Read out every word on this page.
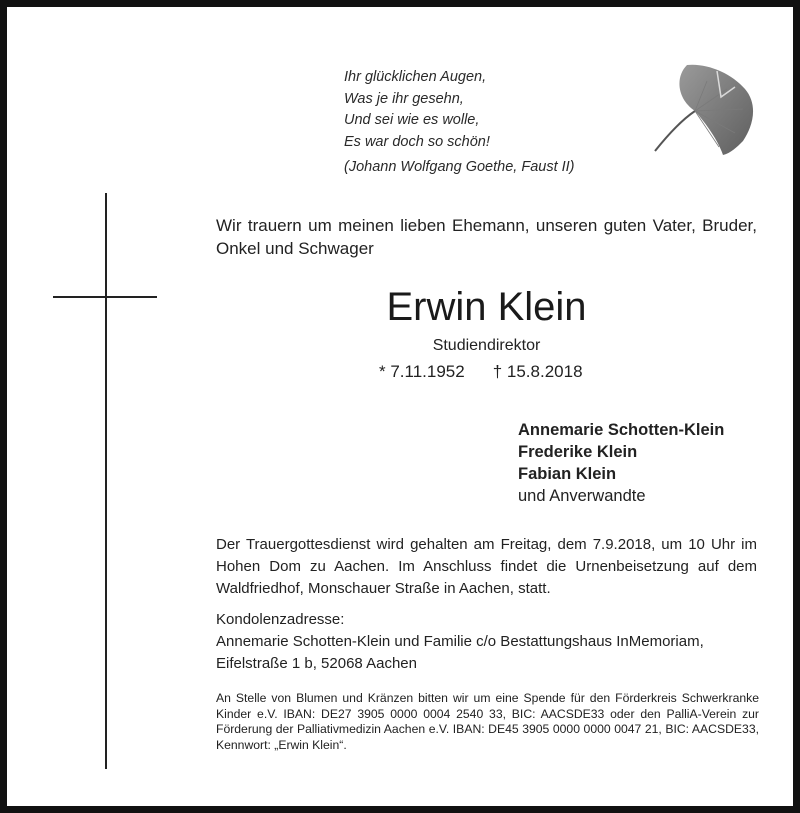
Ihr glücklichen Augen,
Was je ihr gesehn,
Und sei wie es wolle,
Es war doch so schön!
(Johann Wolfgang Goethe, Faust II)
Wir trauern um meinen lieben Ehemann, unseren guten Vater, Bruder, Onkel und Schwager
Erwin Klein
Studiendirektor
* 7.11.1952 † 15.8.2018
Annemarie Schotten-Klein
Frederike Klein
Fabian Klein
und Anverwandte
Der Trauergottesdienst wird gehalten am Freitag, dem 7.9.2018, um 10 Uhr im Hohen Dom zu Aachen. Im Anschluss findet die Urnenbeisetzung auf dem Waldfriedhof, Monschauer Straße in Aachen, statt.
Kondolenzadresse:
Annemarie Schotten-Klein und Familie c/o Bestattungshaus InMemoriam,
Eifelstraße 1 b, 52068 Aachen
An Stelle von Blumen und Kränzen bitten wir um eine Spende für den Förderkreis Schwerkranke Kinder e.V. IBAN: DE27 3905 0000 0004 2540 33, BIC: AACSDE33 oder den PalliA-Verein zur Förderung der Palliativmedizin Aachen e.V. IBAN: DE45 3905 0000 0000 0047 21, BIC: AACSDE33, Kennwort: „Erwin Klein“.
